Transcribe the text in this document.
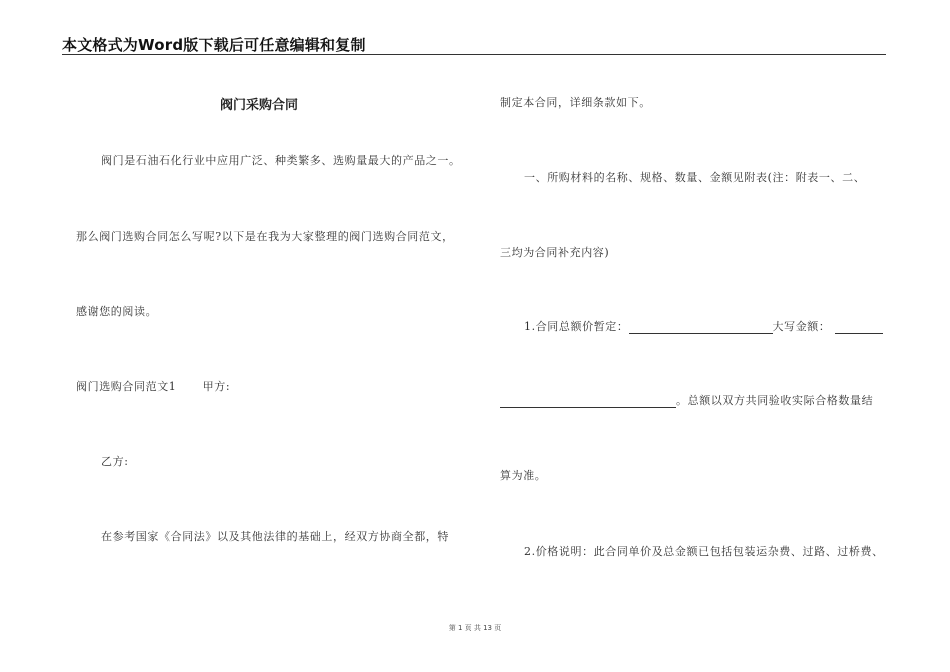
本文格式为Word版下载后可任意编辑和复制
阀门采购合同
阀门是石油石化行业中应用广泛、种类繁多、选购量最大的产品之一。
那么阀门选购合同怎么写呢?以下是在我为大家整理的阀门选购合同范文，
感谢您的阅读。
阀门选购合同范文1 甲方:
乙方:
在参考国家《合同法》以及其他法律的基础上，经双方协商全都，特
制定本合同，详细条款如下。
一、所购材料的名称、规格、数量、金额见附表(注：附表一、二、
三均为合同补充内容)
1.合同总额价暂定：	大写金额：
。总额以双方共同验收实际合格数量结
算为准。
2.价格说明：此合同单价及总金额已包括包装运杂费、过路、过桥费、
第 1 页 共 13 页
